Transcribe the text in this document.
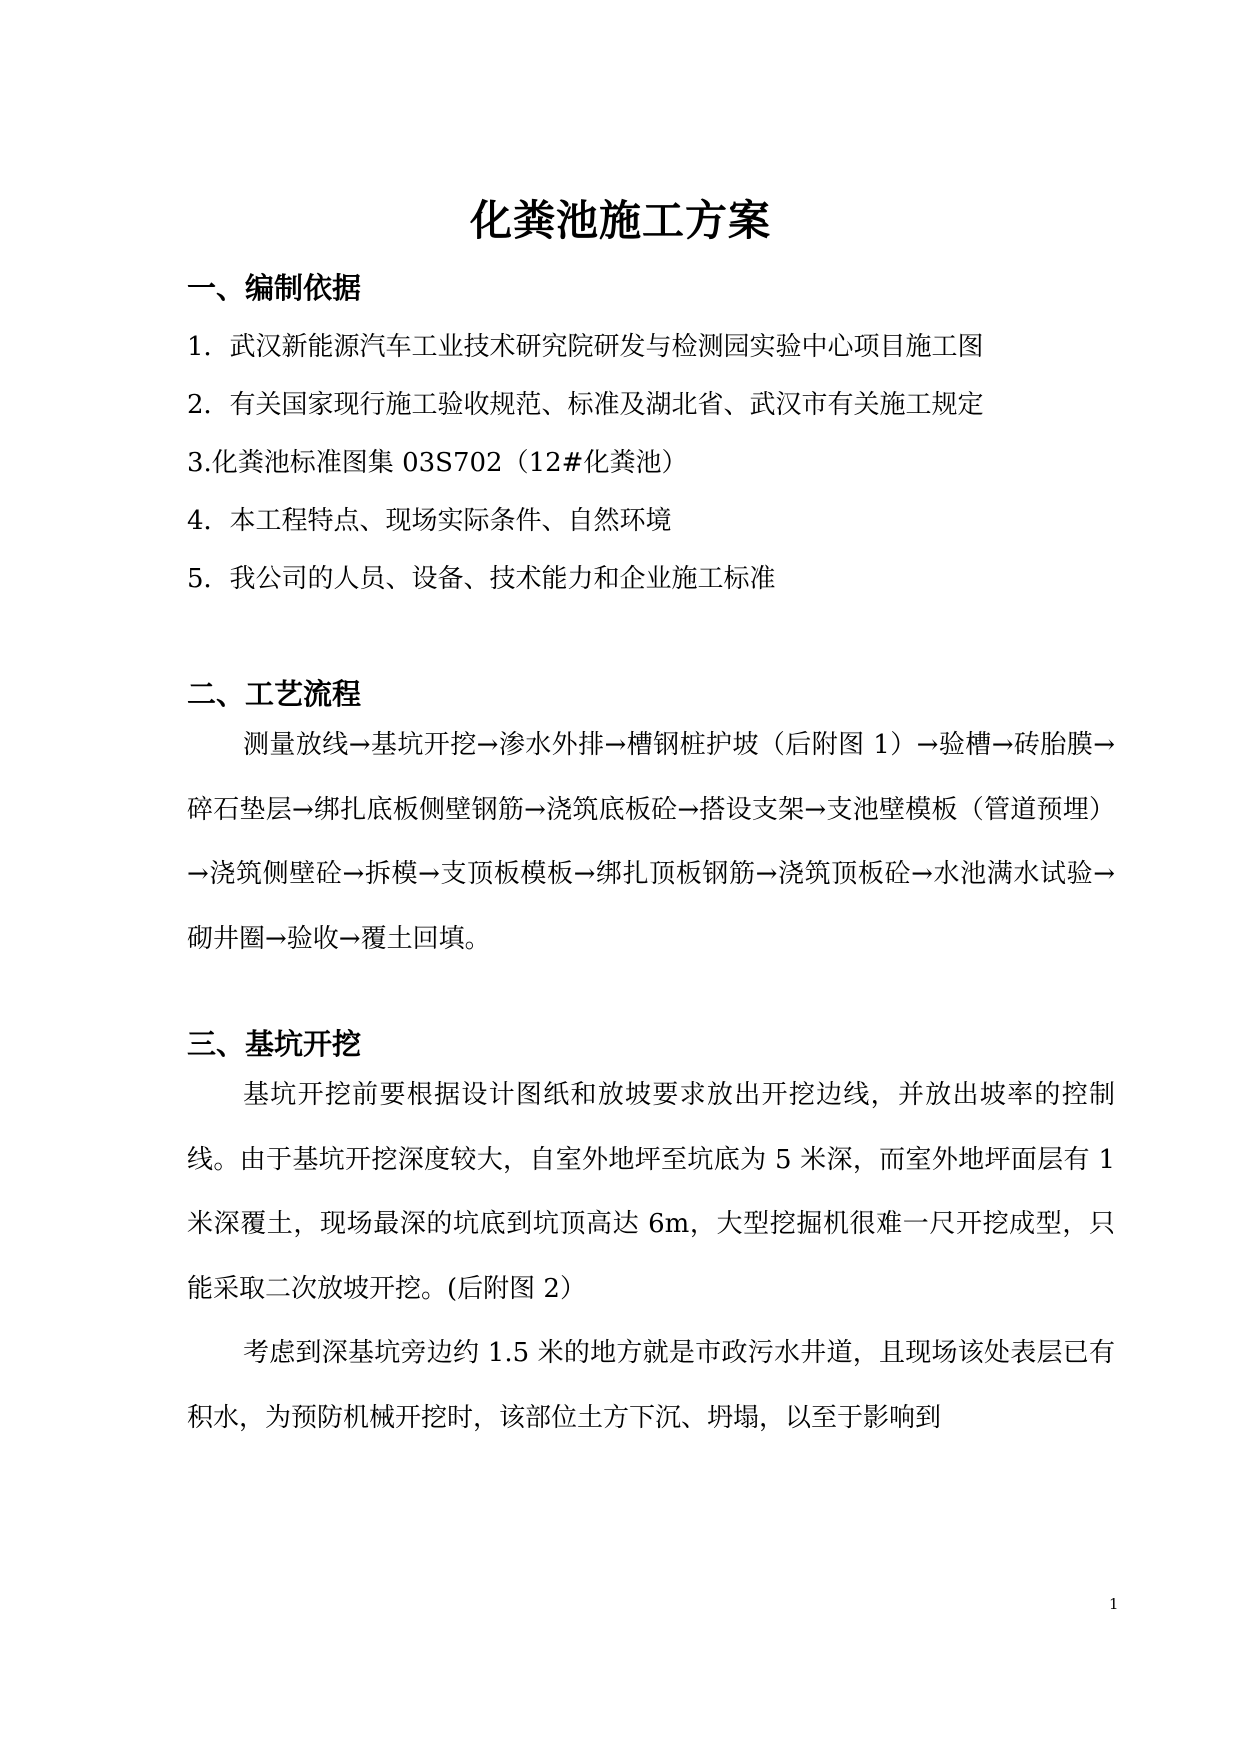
化粪池施工方案
一、编制依据
1．武汉新能源汽车工业技术研究院研发与检测园实验中心项目施工图
2．有关国家现行施工验收规范、标准及湖北省、武汉市有关施工规定
3.化粪池标准图集 03S702（12#化粪池）
4．本工程特点、现场实际条件、自然环境
5．我公司的人员、设备、技术能力和企业施工标准
二、工艺流程
测量放线→基坑开挖→渗水外排→槽钢桩护坡（后附图 1）→验槽→砖胎膜→碎石垫层→绑扎底板侧壁钢筋→浇筑底板砼→搭设支架→支池壁模板（管道预埋）→浇筑侧壁砼→拆模→支顶板模板→绑扎顶板钢筋→浇筑顶板砼→水池满水试验→砌井圈→验收→覆土回填。
三、基坑开挖
基坑开挖前要根据设计图纸和放坡要求放出开挖边线，并放出坡率的控制线。由于基坑开挖深度较大，自室外地坪至坑底为 5 米深，而室外地坪面层有 1 米深覆土，现场最深的坑底到坑顶高达 6m，大型挖掘机很难一尺开挖成型，只能采取二次放坡开挖。(后附图 2）
考虑到深基坑旁边约 1.5 米的地方就是市政污水井道，且现场该处表层已有积水，为预防机械开挖时，该部位土方下沉、坍塌，以至于影响到
1
